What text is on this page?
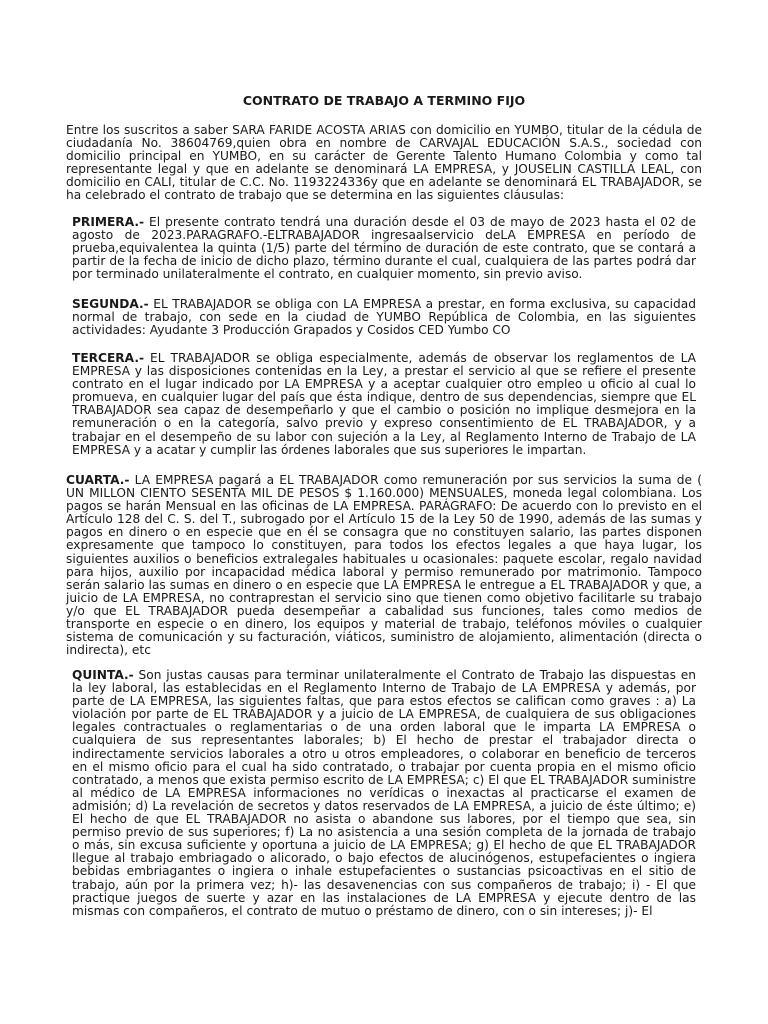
CONTRATO DE TRABAJO A TERMINO FIJO

Entre los suscritos a saber SARA FARIDE ACOSTA ARIAS con domicilio en YUMBO, titular de la cédula de ciudadanía No. 38604769,quien obra en nombre de CARVAJAL EDUCACIÓN S.A.S., sociedad con domicilio principal en YUMBO, en su carácter de Gerente Talento Humano Colombia y como tal representante legal y que en adelante se denominará LA EMPRESA, y JOUSELIN CASTILLA LEAL, con domicilio en CALI, titular de C.C. No. 1193224336y que en adelante se denominará EL TRABAJADOR, se ha celebrado el contrato de trabajo que se determina en las siguientes cláusulas:

PRIMERA.- El presente contrato tendrá una duración desde el 03 de mayo de 2023 hasta el 02 de agosto de 2023.PARAGRAFO.-ELTRABAJADOR ingresaalservicio deLA EMPRESA en período de prueba,equivalentea la quinta (1/5) parte del término de duración de este contrato, que se contará a partir de la fecha de inicio de dicho plazo, término durante el cual, cualquiera de las partes podrá dar por terminado unilateralmente el contrato, en cualquier momento, sin previo aviso.

SEGUNDA.- EL TRABAJADOR se obliga con LA EMPRESA a prestar, en forma exclusiva, su capacidad normal de trabajo, con sede en la ciudad de YUMBO República de Colombia, en las siguientes actividades: Ayudante 3 Producción Grapados y Cosidos CED Yumbo CO

TERCERA.- EL TRABAJADOR se obliga especialmente, además de observar los reglamentos de LA EMPRESA y las disposiciones contenidas en la Ley, a prestar el servicio al que se refiere el presente contrato en el lugar indicado por LA EMPRESA y a aceptar cualquier otro empleo u oficio al cual lo promueva, en cualquier lugar del país que ésta indique, dentro de sus dependencias, siempre que EL TRABAJADOR sea capaz de desempeñarlo y que el cambio o posición no implique desmejora en la remuneración o en la categoría, salvo previo y expreso consentimiento de EL TRABAJADOR, y a trabajar en el desempeño de su labor con sujeción a la Ley, al Reglamento Interno de Trabajo de LA EMPRESA y a acatar y cumplir las órdenes laborales que sus superiores le impartan.

CUARTA.- LA EMPRESA pagará a EL TRABAJADOR como remuneración por sus servicios la suma de ( UN MILLON CIENTO SESENTA MIL DE PESOS $ 1.160.000) MENSUALES, moneda legal colombiana. Los pagos se harán Mensual en las oficinas de LA EMPRESA. PARÁGRAFO: De acuerdo con lo previsto en el Artículo 128 del C. S. del T., subrogado por el Artículo 15 de la Ley 50 de 1990, además de las sumas y pagos en dinero o en especie que en él se consagra que no constituyen salario, las partes disponen expresamente que tampoco lo constituyen, para todos los efectos legales a que haya lugar, los siguientes auxilios o beneficios extralegales habituales u ocasionales: paquete escolar, regalo navidad para hijos, auxilio por incapacidad médica laboral y permiso remunerado por matrimonio. Tampoco serán salario las sumas en dinero o en especie que LA EMPRESA le entregue a EL TRABAJADOR y que, a juicio de LA EMPRESA, no contraprestan el servicio sino que tienen como objetivo facilitarle su trabajo y/o que EL TRABAJADOR pueda desempeñar a cabalidad sus funciones, tales como medios de transporte en especie o en dinero, los equipos y material de trabajo, teléfonos móviles o cualquier sistema de comunicación y su facturación, viáticos, suministro de alojamiento, alimentación (directa o indirecta), etc

QUINTA.- Son justas causas para terminar unilateralmente el Contrato de Trabajo las dispuestas en la ley laboral, las establecidas en el Reglamento Interno de Trabajo de LA EMPRESA y además, por parte de LA EMPRESA, las siguientes faltas, que para estos efectos se califican como graves : a) La violación por parte de EL TRABAJADOR y a juicio de LA EMPRESA, de cualquiera de sus obligaciones legales contractuales o reglamentarias o de una orden laboral que le imparta LA EMPRESA o cualquiera de sus representantes laborales; b) El hecho de prestar el trabajador directa o indirectamente servicios laborales a otro u otros empleadores, o colaborar en beneficio de terceros en el mismo oficio para el cual ha sido contratado, o trabajar por cuenta propia en el mismo oficio contratado, a menos que exista permiso escrito de LA EMPRESA; c) El que EL TRABAJADOR suministre al médico de LA EMPRESA informaciones no verídicas o inexactas al practicarse el examen de admisión; d) La revelación de secretos y datos reservados de LA EMPRESA, a juicio de éste último; e) El hecho de que EL TRABAJADOR no asista o abandone sus labores, por el tiempo que sea, sin permiso previo de sus superiores; f) La no asistencia a una sesión completa de la jornada de trabajo o más, sin excusa suficiente y oportuna a juicio de LA EMPRESA; g) El hecho de que EL TRABAJADOR llegue al trabajo embriagado o alicorado, o bajo efectos de alucinógenos, estupefacientes o ingiera bebidas embriagantes o ingiera o inhale estupefacientes o sustancias psicoactivas en el sitio de trabajo, aún por la primera vez; h)- las desavenencias con sus compañeros de trabajo; i) - El que practique juegos de suerte y azar en las instalaciones de LA EMPRESA y ejecute dentro de las mismas con compañeros, el contrato de mutuo o préstamo de dinero, con o sin intereses; j)- El
